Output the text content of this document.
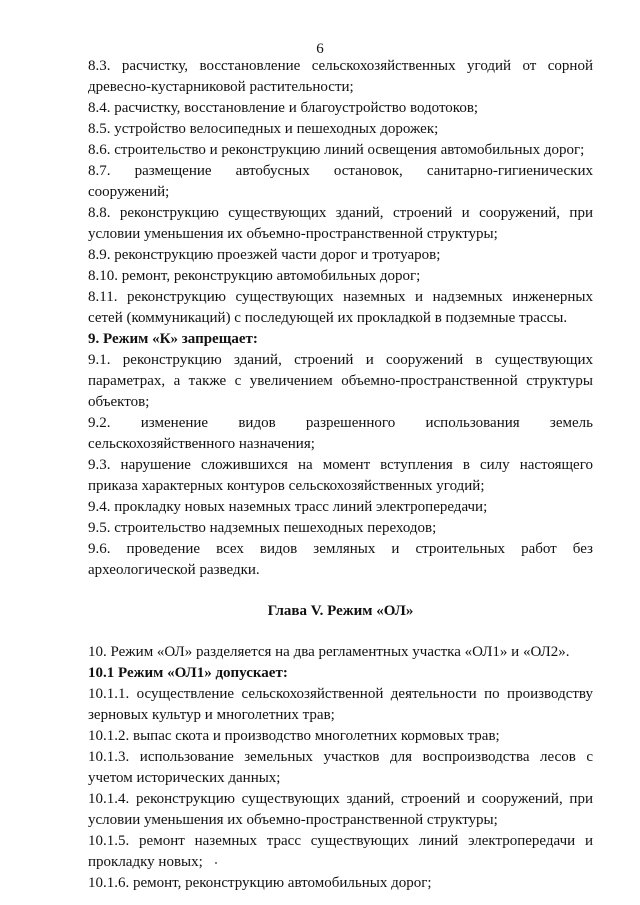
6

8.3. расчистку, восстановление сельскохозяйственных угодий от сорной древесно-кустарниковой растительности;

8.4. расчистку, восстановление и благоустройство водотоков;

8.5. устройство велосипедных и пешеходных дорожек;

8.6. строительство и реконструкцию линий освещения автомобильных дорог;

8.7. размещение автобусных остановок, санитарно-гигиенических сооружений;

8.8. реконструкцию существующих зданий, строений и сооружений, при условии уменьшения их объемно-пространственной структуры;

8.9. реконструкцию проезжей части дорог и тротуаров;

8.10. ремонт, реконструкцию автомобильных дорог;

8.11. реконструкцию существующих наземных и надземных инженерных сетей (коммуникаций) с последующей их прокладкой в подземные трассы.

9. Режим «К» запрещает:

9.1. реконструкцию зданий, строений и сооружений в существующих параметрах, а также с увеличением объемно-пространственной структуры объектов;

9.2. изменение видов разрешенного использования земель сельскохозяйственного назначения;

9.3. нарушение сложившихся на момент вступления в силу настоящего приказа характерных контуров сельскохозяйственных угодий;

9.4. прокладку новых наземных трасс линий электропередачи;

9.5. строительство надземных пешеходных переходов;

9.6. проведение всех видов земляных и строительных работ без археологической разведки.

Глава V. Режим «ОЛ»

10. Режим «ОЛ» разделяется на два регламентных участка «ОЛ1» и «ОЛ2».

10.1 Режим «ОЛ1» допускает:

10.1.1. осуществление сельскохозяйственной деятельности по производству зерновых культур и многолетних трав;

10.1.2. выпас скота и производство многолетних кормовых трав;

10.1.3. использование земельных участков для воспроизводства лесов с учетом исторических данных;

10.1.4. реконструкцию существующих зданий, строений и сооружений, при условии уменьшения их объемно-пространственной структуры;

10.1.5. ремонт наземных трасс существующих линий электропередачи и прокладку новых;

10.1.6. ремонт, реконструкцию автомобильных дорог;
